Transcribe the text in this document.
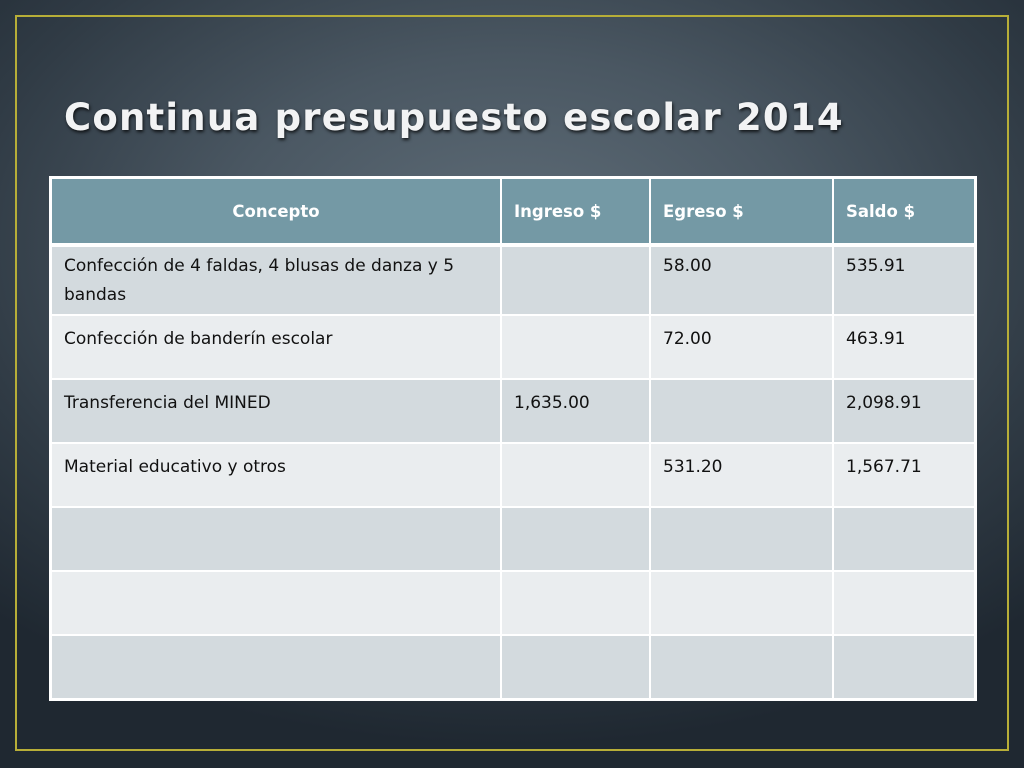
Continua presupuesto escolar 2014
Concepto	Ingreso $	Egreso $	Saldo $
Confección de 4 faldas, 4 blusas de danza y 5 bandas		58.00	535.91
Confección de banderín escolar		72.00	463.91
Transferencia del MINED	1,635.00		2,098.91
Material educativo y otros		531.20	1,567.71
